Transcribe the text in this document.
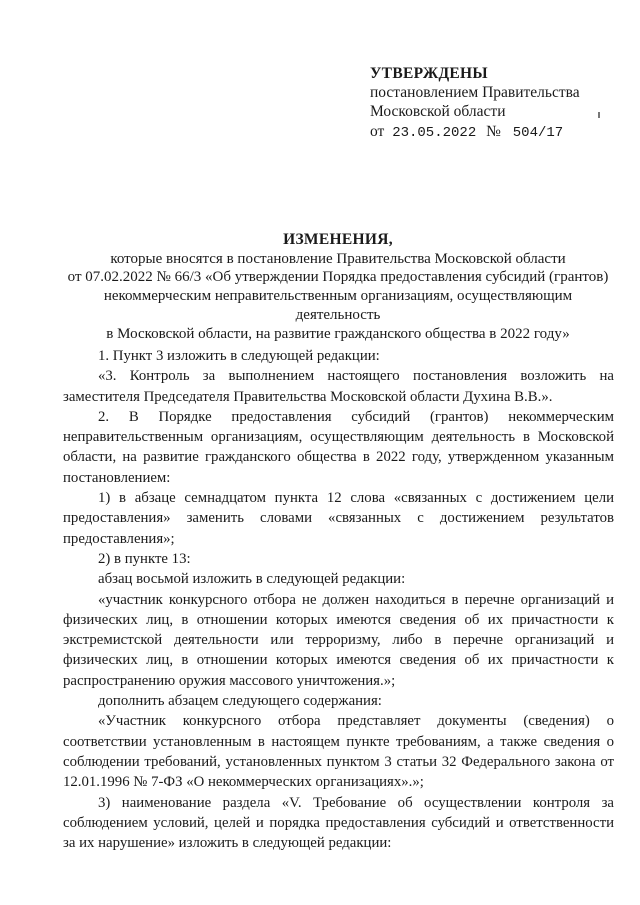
УТВЕРЖДЕНЫ
постановлением Правительства
Московской области
от 23.05.2022 № 504/17
ИЗМЕНЕНИЯ,
которые вносятся в постановление Правительства Московской области
от 07.02.2022 № 66/3 «Об утверждении Порядка предоставления субсидий (грантов)
некоммерческим неправительственным организациям, осуществляющим деятельность
в Московской области, на развитие гражданского общества в 2022 году»

1. Пункт 3 изложить в следующей редакции:

«3. Контроль за выполнением настоящего постановления возложить на заместителя Председателя Правительства Московской области Духина В.В.».

2. В Порядке предоставления субсидий (грантов) некоммерческим неправительственным организациям, осуществляющим деятельность в Московской области, на развитие гражданского общества в 2022 году, утвержденном указанным постановлением:

1) в абзаце семнадцатом пункта 12 слова «связанных с достижением цели предоставления» заменить словами «связанных с достижением результатов предоставления»;

2) в пункте 13:

абзац восьмой изложить в следующей редакции:

«участник конкурсного отбора не должен находиться в перечне организаций и физических лиц, в отношении которых имеются сведения об их причастности к экстремистской деятельности или терроризму, либо в перечне организаций и физических лиц, в отношении которых имеются сведения об их причастности к распространению оружия массового уничтожения.»;

дополнить абзацем следующего содержания:

«Участник конкурсного отбора представляет документы (сведения) о соответствии установленным в настоящем пункте требованиям, а также сведения о соблюдении требований, установленных пунктом 3 статьи 32 Федерального закона от 12.01.1996 № 7-ФЗ «О некоммерческих организациях».»;

3) наименование раздела «V. Требование об осуществлении контроля за соблюдением условий, целей и порядка предоставления субсидий и ответственности за их нарушение» изложить в следующей редакции:
